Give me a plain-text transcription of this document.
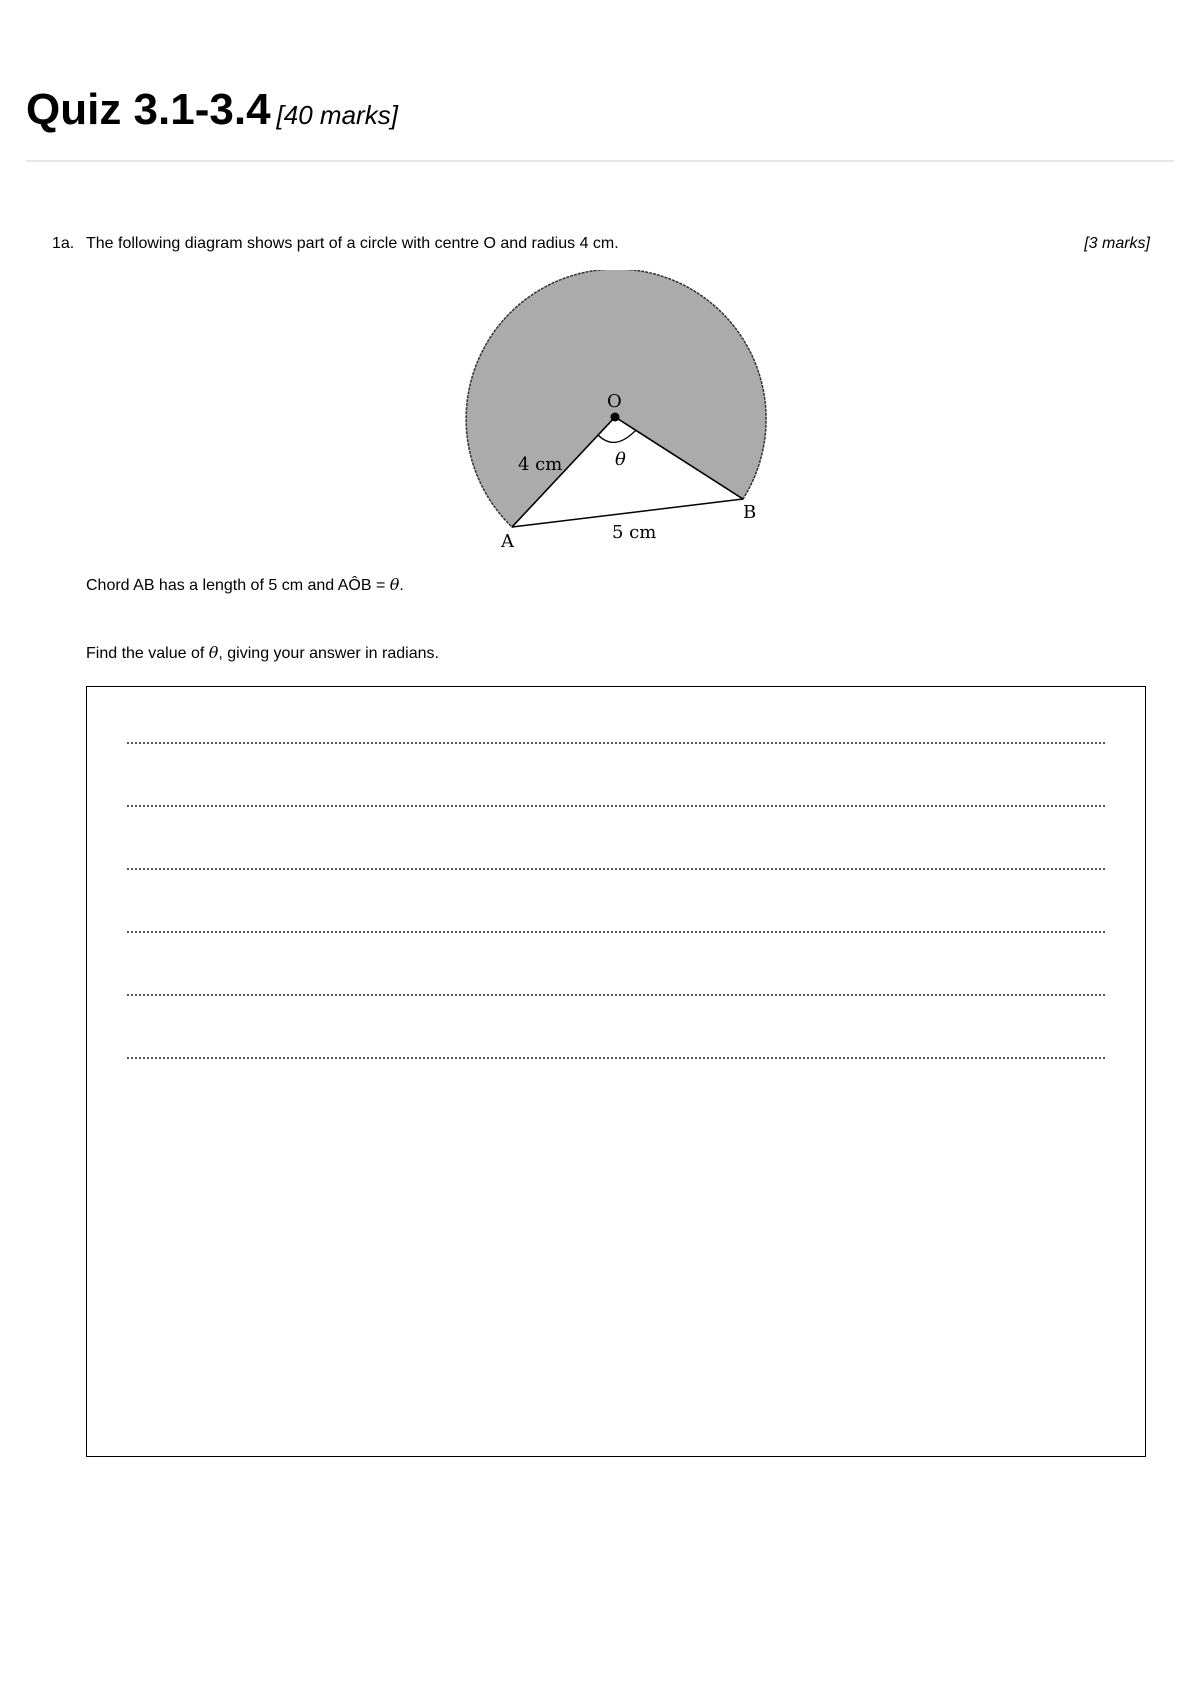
Quiz 3.1-3.4 [40 marks]
1a. The following diagram shows part of a circle with centre O and radius 4 cm.	[3 marks]
O
θ
4 cm
A
B
5 cm
Chord AB has a length of 5 cm and AÔB = θ.
Find the value of θ, giving your answer in radians.
